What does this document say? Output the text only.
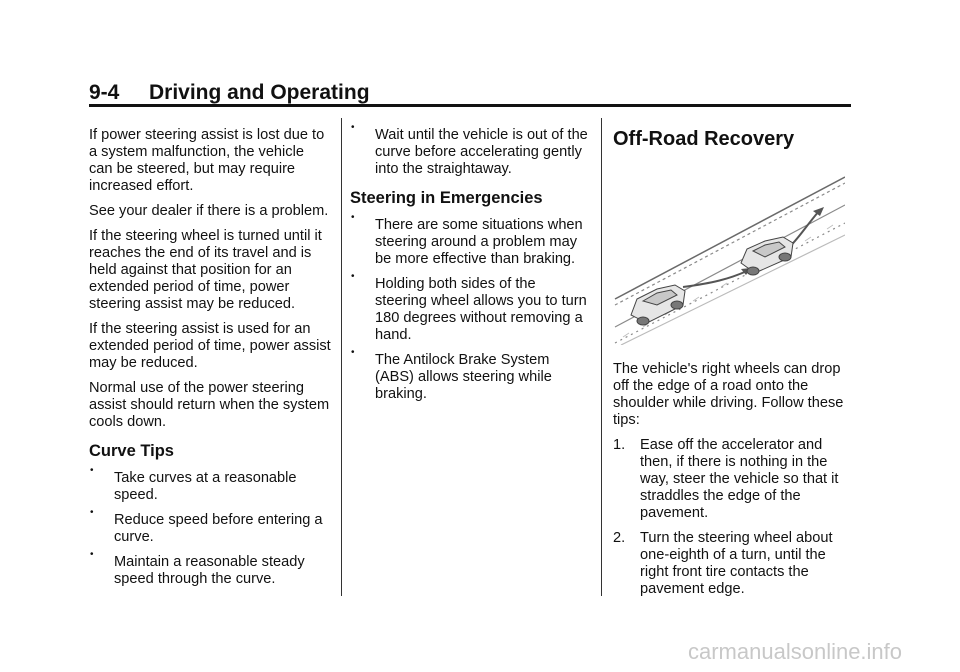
9-4 Driving and Operating

If power steering assist is lost due to a system malfunction, the vehicle can be steered, but may require increased effort.

See your dealer if there is a problem.

If the steering wheel is turned until it reaches the end of its travel and is held against that position for an extended period of time, power steering assist may be reduced.

If the steering assist is used for an extended period of time, power assist may be reduced.

Normal use of the power steering assist should return when the system cools down.

Curve Tips
• Take curves at a reasonable speed.
• Reduce speed before entering a curve.
• Maintain a reasonable steady speed through the curve.
• Wait until the vehicle is out of the curve before accelerating gently into the straightaway.
Steering in Emergencies
• There are some situations when steering around a problem may be more effective than braking.
• Holding both sides of the steering wheel allows you to turn 180 degrees without removing a hand.
• The Antilock Brake System (ABS) allows steering while braking.
Off-Road Recovery

The vehicle's right wheels can drop off the edge of a road onto the shoulder while driving. Follow these tips:

1. Ease off the accelerator and then, if there is nothing in the way, steer the vehicle so that it straddles the edge of the pavement.
2. Turn the steering wheel about one-eighth of a turn, until the right front tire contacts the pavement edge.
carmanualsonline.info
